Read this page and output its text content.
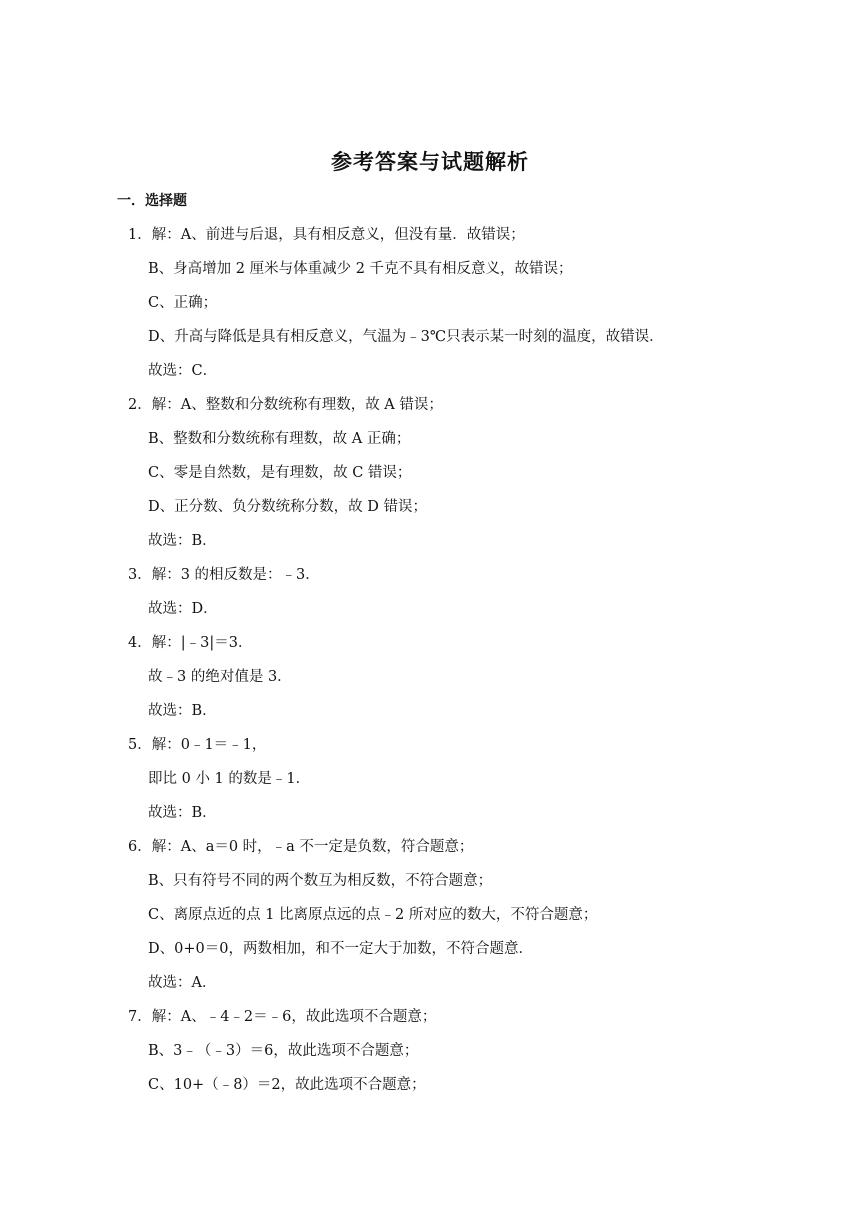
参考答案与试题解析
一．选择题
1．解：A、前进与后退，具有相反意义，但没有量．故错误；
B、身高增加 2 厘米与体重减少 2 千克不具有相反意义，故错误；
C、正确；
D、升高与降低是具有相反意义，气温为﹣3℃只表示某一时刻的温度，故错误．
故选：C．
2．解：A、整数和分数统称有理数，故 A 错误；
B、整数和分数统称有理数，故 A 正确；
C、零是自然数，是有理数，故 C 错误；
D、正分数、负分数统称分数，故 D 错误；
故选：B．
3．解：3 的相反数是：﹣3．
故选：D．
4．解：|﹣3|＝3．
故﹣3 的绝对值是 3．
故选：B．
5．解：0﹣1＝﹣1，
即比 0 小 1 的数是﹣1．
故选：B．
6．解：A、a＝0 时，﹣a 不一定是负数，符合题意；
B、只有符号不同的两个数互为相反数，不符合题意；
C、离原点近的点 1 比离原点远的点﹣2 所对应的数大，不符合题意；
D、0+0＝0，两数相加，和不一定大于加数，不符合题意．
故选：A．
7．解：A、﹣4﹣2＝﹣6，故此选项不合题意；
B、3﹣（﹣3）＝6，故此选项不合题意；
C、10+（﹣8）＝2，故此选项不合题意；
